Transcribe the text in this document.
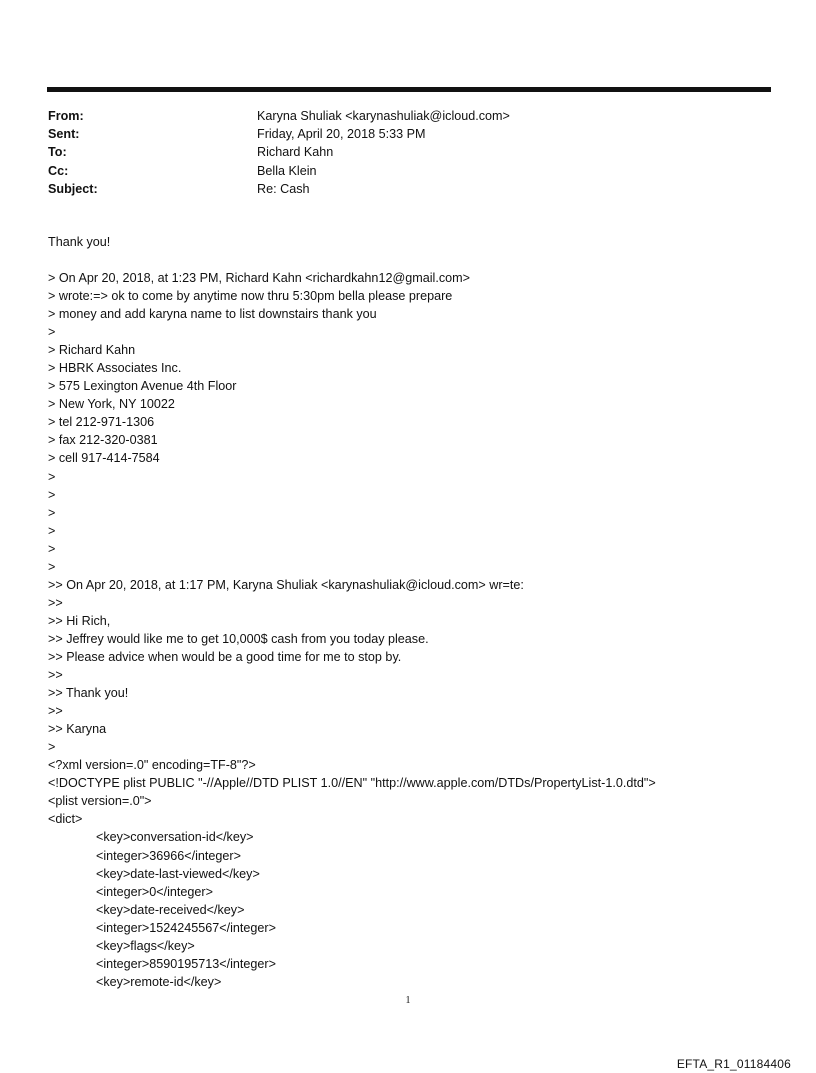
From:	Karyna Shuliak <karynashuliak@icloud.com>
Sent:	Friday, April 20, 2018 5:33 PM
To:	Richard Kahn
Cc:	Bella Klein
Subject:	Re: Cash
Thank you!
> On Apr 20, 2018, at 1:23 PM, Richard Kahn <richardkahn12@gmail.com>
> wrote:=> ok to come by anytime now thru 5:30pm bella please prepare
> money and add karyna name to list downstairs thank you
>
> Richard Kahn
> HBRK Associates Inc.
> 575 Lexington Avenue 4th Floor
> New York, NY 10022
> tel 212-971-1306
> fax 212-320-0381
> cell 917-414-7584
>
>
>
>
>
>
>> On Apr 20, 2018, at 1:17 PM, Karyna Shuliak <karynashuliak@icloud.com> wr=te:
>>
>> Hi Rich,
>> Jeffrey would like me to get 10,000$ cash from you today please.
>> Please advice when would be a good time for me to stop by.
>>
>> Thank you!
>>
>> Karyna
>
<?xml version=.0" encoding=TF-8"?>
<!DOCTYPE plist PUBLIC "-//Apple//DTD PLIST 1.0//EN" "http://www.apple.com/DTDs/PropertyList-1.0.dtd">
<plist version=.0">
<dict>
<key>conversation-id</key>
<integer>36966</integer>
<key>date-last-viewed</key>
<integer>0</integer>
<key>date-received</key>
<integer>1524245567</integer>
<key>flags</key>
<integer>8590195713</integer>
<key>remote-id</key>
1
EFTA_R1_01184406
